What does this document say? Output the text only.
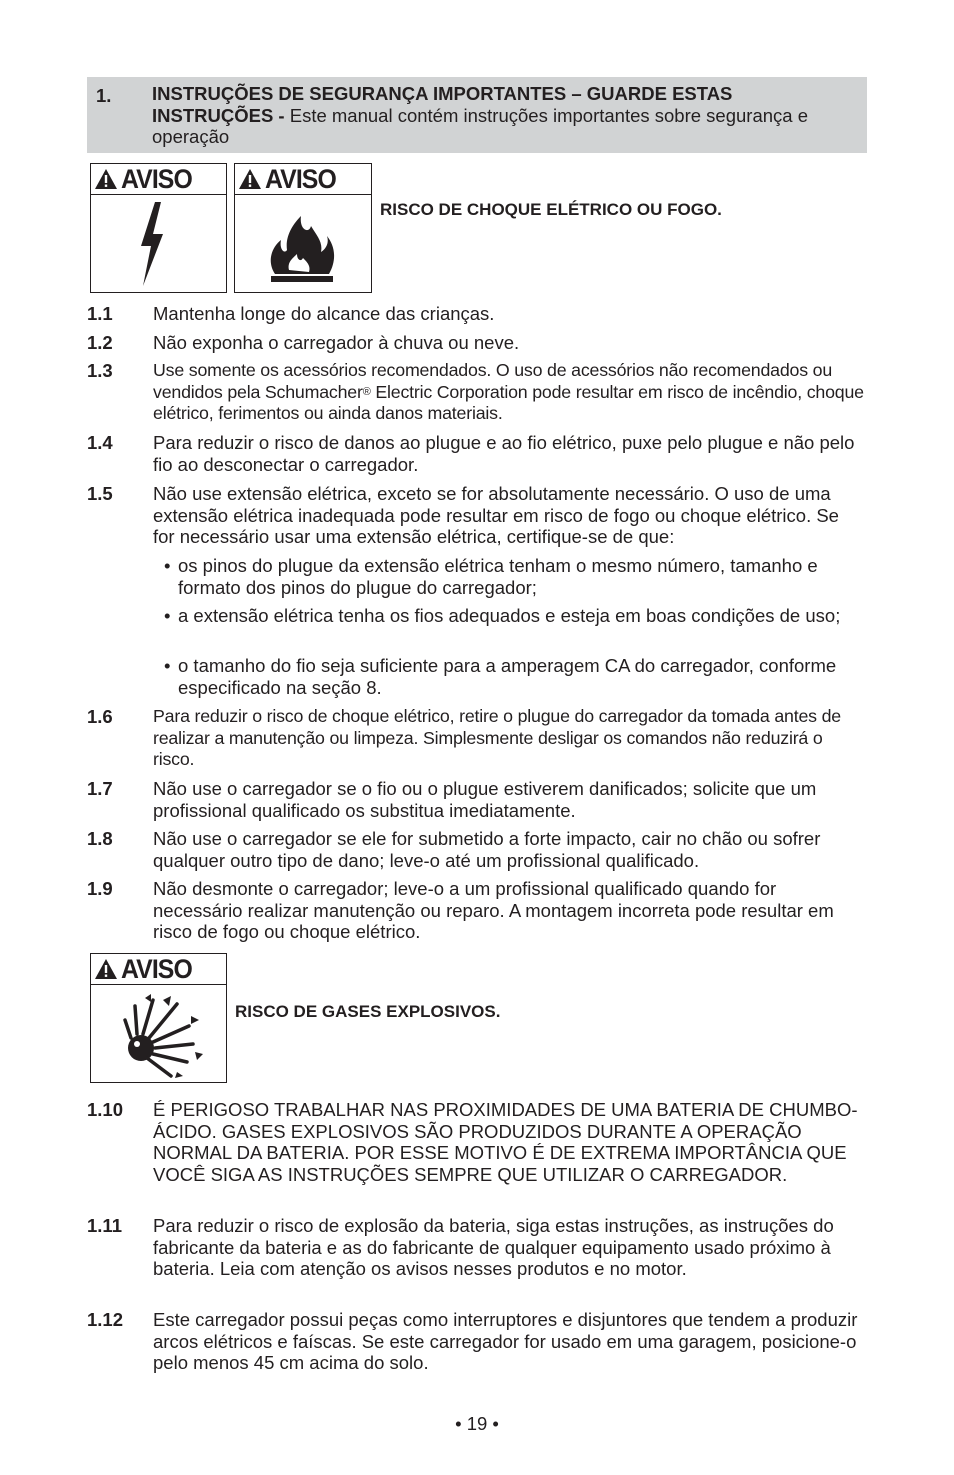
1. INSTRUÇÕES DE SEGURANÇA IMPORTANTES – GUARDE ESTAS INSTRUÇÕES - Este manual contém instruções importantes sobre segurança e operação
AVISO	AVISO
RISCO DE CHOQUE ELÉTRICO OU FOGO.
1.1 Mantenha longe do alcance das crianças.
1.2 Não exponha o carregador à chuva ou neve.
1.3 Use somente os acessórios recomendados. O uso de acessórios não recomendados ou vendidos pela Schumacher® Electric Corporation pode resultar em risco de incêndio, choque elétrico, ferimentos ou ainda danos materiais.
1.4 Para reduzir o risco de danos ao plugue e ao fio elétrico, puxe pelo plugue e não pelo fio ao desconectar o carregador.
1.5 Não use extensão elétrica, exceto se for absolutamente necessário. O uso de uma extensão elétrica inadequada pode resultar em risco de fogo ou choque elétrico. Se for necessário usar uma extensão elétrica, certifique-se de que:
• os pinos do plugue da extensão elétrica tenham o mesmo número, tamanho e formato dos pinos do plugue do carregador;
• a extensão elétrica tenha os fios adequados e esteja em boas condições de uso;
• o tamanho do fio seja suficiente para a amperagem CA do carregador, conforme especificado na seção 8.
1.6 Para reduzir o risco de choque elétrico, retire o plugue do carregador da tomada antes de realizar a manutenção ou limpeza. Simplesmente desligar os comandos não reduzirá o risco.
1.7 Não use o carregador se o fio ou o plugue estiverem danificados; solicite que um profissional qualificado os substitua imediatamente.
1.8 Não use o carregador se ele for submetido a forte impacto, cair no chão ou sofrer qualquer outro tipo de dano; leve-o até um profissional qualificado.
1.9 Não desmonte o carregador; leve-o a um profissional qualificado quando for necessário realizar manutenção ou reparo. A montagem incorreta pode resultar em risco de fogo ou choque elétrico.
AVISO
RISCO DE GASES EXPLOSIVOS.
1.10 É PERIGOSO TRABALHAR NAS PROXIMIDADES DE UMA BATERIA DE CHUMBO-ÁCIDO. GASES EXPLOSIVOS SÃO PRODUZIDOS DURANTE A OPERAÇÃO NORMAL DA BATERIA. POR ESSE MOTIVO É DE EXTREMA IMPORTÂNCIA QUE VOCÊ SIGA AS INSTRUÇÕES SEMPRE QUE UTILIZAR O CARREGADOR.
1.11 Para reduzir o risco de explosão da bateria, siga estas instruções, as instruções do fabricante da bateria e as do fabricante de qualquer equipamento usado próximo à bateria. Leia com atenção os avisos nesses produtos e no motor.
1.12 Este carregador possui peças como interruptores e disjuntores que tendem a produzir arcos elétricos e faíscas. Se este carregador for usado em uma garagem, posicione-o pelo menos 45 cm acima do solo.
• 19 •
